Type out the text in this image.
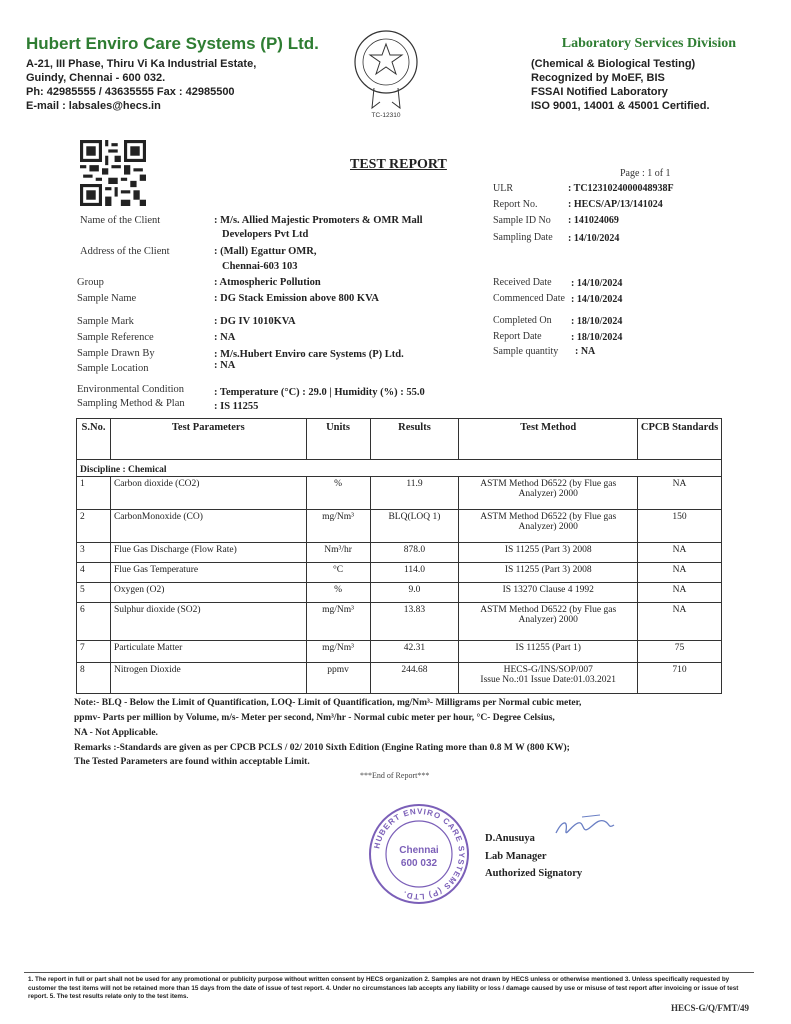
Hubert Enviro Care Systems (P) Ltd.
A-21, III Phase, Thiru Vi Ka Industrial Estate,
Guindy, Chennai - 600 032.
Ph: 42985555 / 43635555 Fax : 42985500
E-mail : labsales@hecs.in
TC-12310
Laboratory Services Division
(Chemical & Biological Testing)
Recognized by MoEF, BIS
FSSAI Notified Laboratory
ISO 9001, 14001 & 45001 Certified.
TEST REPORT
Page : 1 of 1
ULR	: TC1231024000048938F
Report No.	: HECS/AP/13/141024
Sample ID No : 141024069
Sampling Date : 14/10/2024
Received Date : 14/10/2024
Commenced Date : 14/10/2024
Completed On : 18/10/2024
Report Date	: 18/10/2024
Sample quantity : NA
Name of the Client	: M/s. Allied Majestic Promoters & OMR Mall
Developers Pvt Ltd
Address of the Client	: (Mall) Egattur OMR,
Chennai-603 103
Group	: Atmospheric Pollution
Sample Name	: DG Stack Emission above 800 KVA
Sample Mark	: DG IV 1010KVA
Sample Reference	: NA
Sample Drawn By	: M/s.Hubert Enviro care Systems (P) Ltd.
Sample Location	: NA
Environmental Condition	: Temperature (°C) : 29.0 | Humidity (%) : 55.0
Sampling Method & Plan	: IS 11255
S.No.	Test Parameters	Units	Results	Test Method	CPCB Standards
Discipline : Chemical					
1	Carbon dioxide (CO2)	%	11.9	ASTM Method D6522 (by Flue gas
Analyzer) 2000	NA
2	CarbonMonoxide (CO)	mg/Nm³	BLQ(LOQ 1)	ASTM Method D6522 (by Flue gas
Analyzer) 2000	150
3	Flue Gas Discharge (Flow Rate)	Nm³/hr	878.0	IS 11255 (Part 3) 2008	NA
4	Flue Gas Temperature	°C	114.0	IS 11255 (Part 3) 2008	NA
5	Oxygen (O2)	%	9.0	IS 13270 Clause 4 1992	NA
6	Sulphur dioxide (SO2)	mg/Nm³	13.83	ASTM Method D6522 (by Flue gas
Analyzer) 2000	NA
7	Particulate Matter	mg/Nm³	42.31	IS 11255 (Part 1)	75
8	Nitrogen Dioxide	ppmv	244.68	HECS-G/INS/SOP/007
Issue No.:01 Issue Date:01.03.2021	710
Note:- BLQ - Below the Limit of Quantification, LOQ- Limit of Quantification, mg/Nm³- Milligrams per Normal cubic meter,
ppmv- Parts per million by Volume, m/s- Meter per second, Nm³/hr - Normal cubic meter per hour, °C- Degree Celsius,
NA - Not Applicable.
Remarks :-Standards are given as per CPCB PCLS / 02/ 2010 Sixth Edition (Engine Rating more than 0.8 M W (800 KW);
The Tested Parameters are found within acceptable Limit.
***End of Report***
HUBERT ENVIRO CARE SYSTEMS (P) LTD.
Chennai
600 032
D.Anusuya
Lab Manager
Authorized Signatory
1. The report in full or part shall not be used for any promotional or publicity purpose without written consent by HECS organization 2. Samples are not drawn by HECS unless or otherwise mentioned 3. Unless specifically requested by customer the test items will not be retained more than 15 days from the date of issue of test report. 4. Under no circumstances lab accepts any liability or loss / damage caused by use or misuse of test report after invoicing or issue of test report. 5. The test results relate only to the test items.
HECS-G/Q/FMT/49
